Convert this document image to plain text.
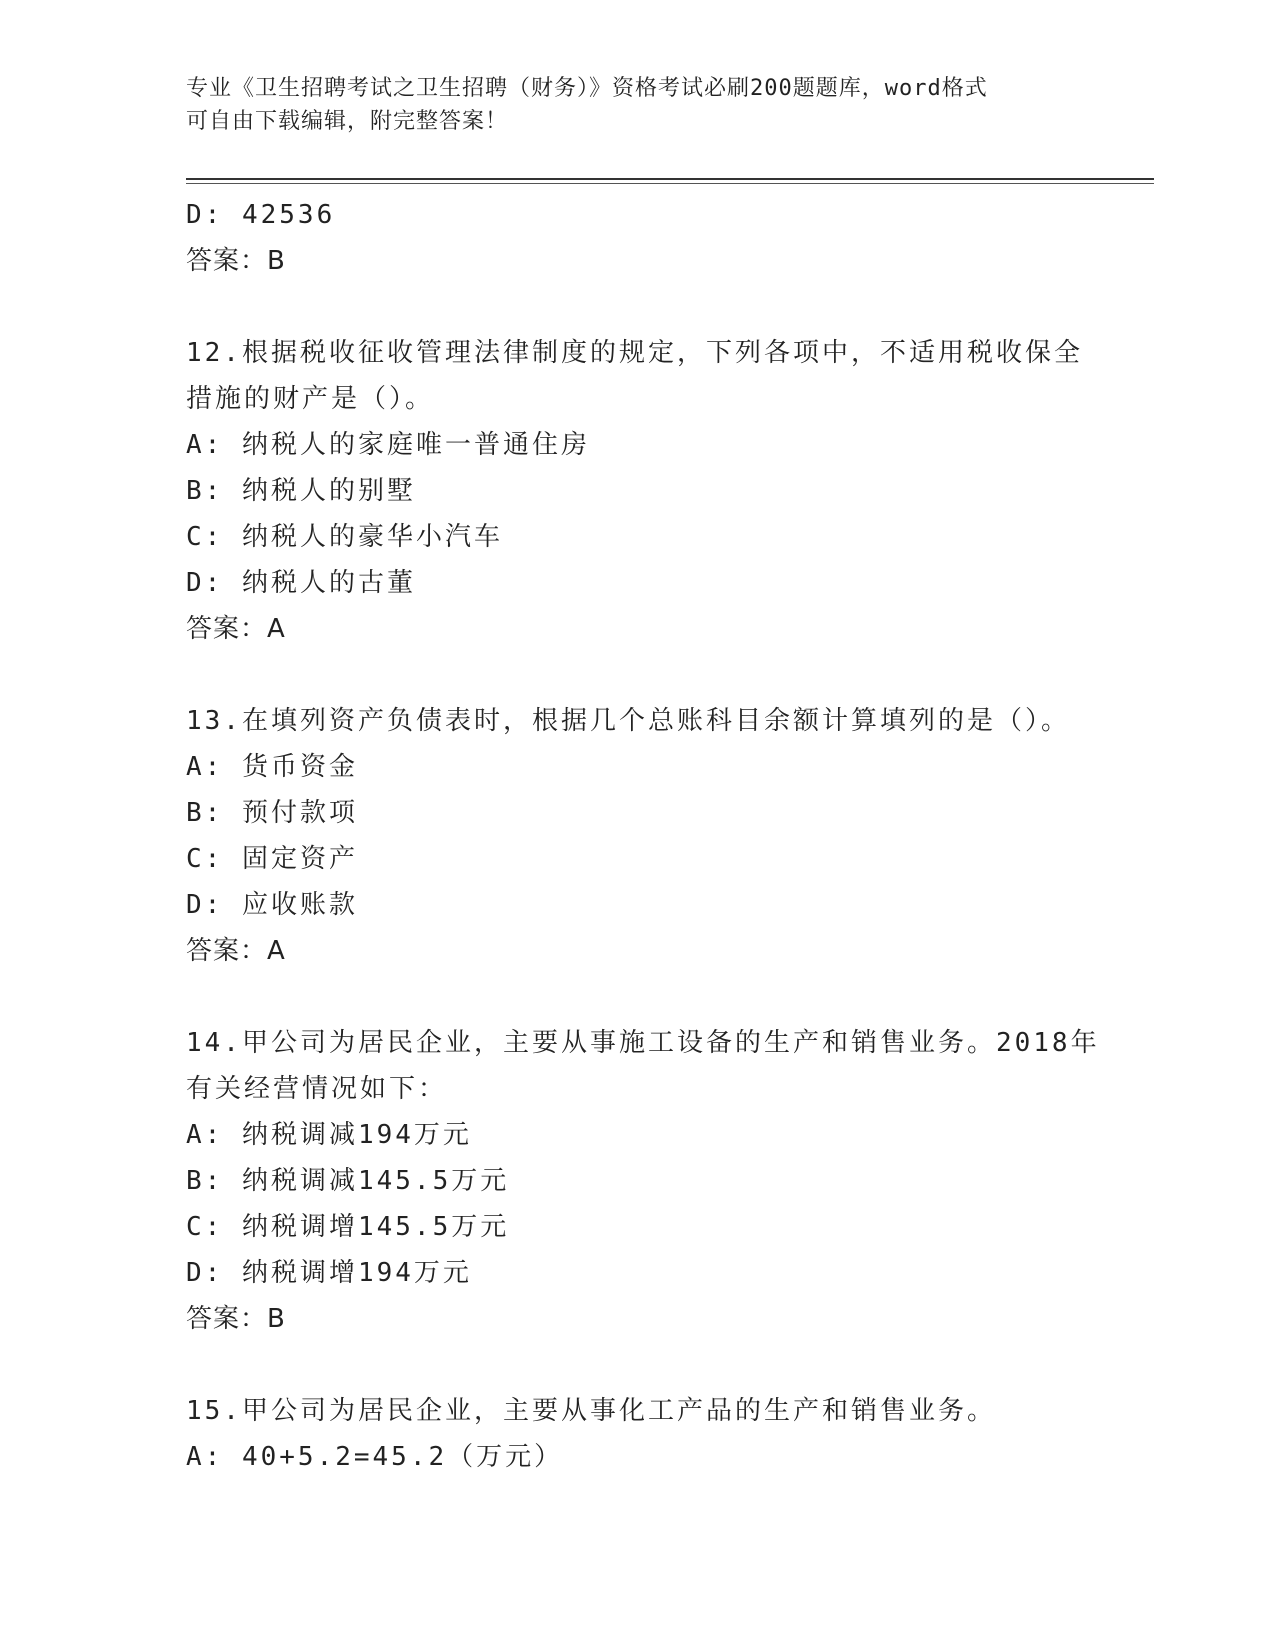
专业《卫生招聘考试之卫生招聘（财务）》资格考试必刷200题题库，word格式
可自由下载编辑，附完整答案！
D: 42536
答案：B
12.根据税收征收管理法律制度的规定，下列各项中，不适用税收保全
措施的财产是（）。
A: 纳税人的家庭唯一普通住房
B: 纳税人的别墅
C: 纳税人的豪华小汽车
D: 纳税人的古董
答案：A
13.在填列资产负债表时，根据几个总账科目余额计算填列的是（）。
A: 货币资金
B: 预付款项
C: 固定资产
D: 应收账款
答案：A
14.甲公司为居民企业，主要从事施工设备的生产和销售业务。2018年
有关经营情况如下：
A: 纳税调减194万元
B: 纳税调减145.5万元
C: 纳税调增145.5万元
D: 纳税调增194万元
答案：B
15.甲公司为居民企业，主要从事化工产品的生产和销售业务。
A: 40+5.2=45.2（万元）
